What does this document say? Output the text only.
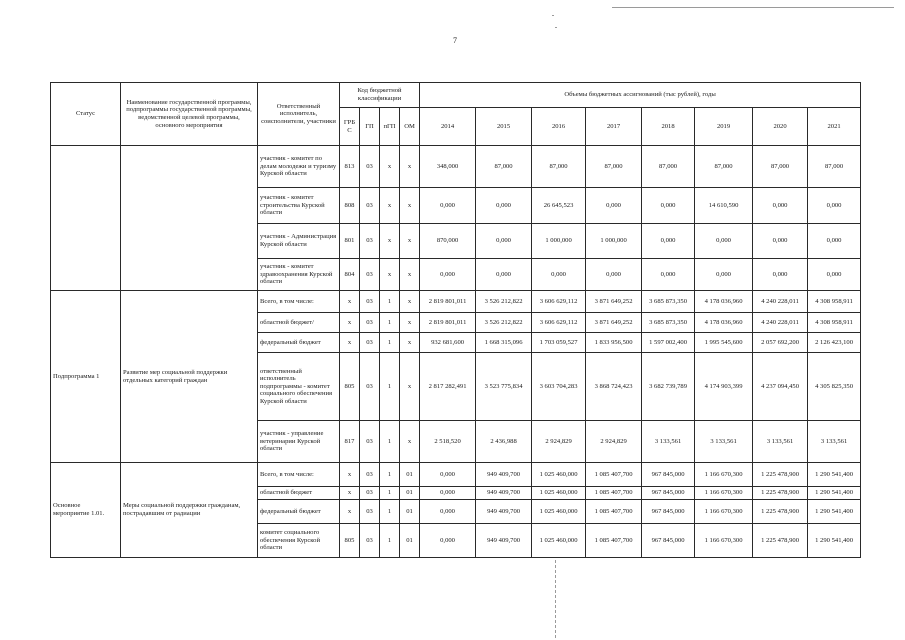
7
Статус	Наименование государственной программы, подпрограммы государственной программы, ведомственной целевой программы, основного мероприятия	Ответственный исполнитель, соисполнители, участники	Код бюджетной классификации				Объемы бюджетных ассигнований (тыс рублей), годы							
			ГРБС	ГП	пГП	ОМ	2014	2015	2016	2017	2018	2019	2020	2021
		участник - комитет по делам молодежи и туризму Курской области	813	03	х	х	348,000	87,000	87,000	87,000	87,000	87,000	87,000	87,000
		участник - комитет строительства Курской области	808	03	х	х	0,000	0,000	26 645,523	0,000	0,000	14 610,590	0,000	0,000
		участник - Администрация Курской области	801	03	х	х	870,000	0,000	1 000,000	1 000,000	0,000	0,000	0,000	0,000
		участник - комитет здравоохранения Курской области	804	03	х	х	0,000	0,000	0,000	0,000	0,000	0,000	0,000	0,000
Подпрограмма 1	Развитие мер социальной поддержки отдельных категорий граждан	Всего, в том числе:	х	03	1	х	2 819 801,011	3 526 212,822	3 606 629,112	3 871 649,252	3 685 873,350	4 178 036,960	4 240 228,011	4 308 958,911
		областной бюджет/	х	03	1	х	2 819 801,011	3 526 212,822	3 606 629,112	3 871 649,252	3 685 873,350	4 178 036,960	4 240 228,011	4 308 958,911
		федеральный бюджет	х	03	1	х	932 681,600	1 668 315,096	1 703 059,527	1 833 956,500	1 597 002,400	1 995 545,600	2 057 692,200	2 126 423,100
		ответственный исполнитель подпрограммы - комитет социального обеспечения Курской области	805	03	1	х	2 817 282,491	3 523 775,834	3 603 704,283	3 868 724,423	3 682 739,789	4 174 903,399	4 237 094,450	4 305 825,350
		участник - управление ветеринарии Курской области	817	03	1	х	2 518,520	2 436,988	2 924,829	2 924,829	3 133,561	3 133,561	3 133,561	3 133,561
Основное мероприятие 1.01.	Меры социальной поддержки гражданам, пострадавшим от радиации	Всего, в том числе:	х	03	1	01	0,000	949 409,700	1 025 460,000	1 085 407,700	967 845,000	1 166 670,300	1 225 478,900	1 290 541,400
		областной бюджет	х	03	1	01	0,000	949 409,700	1 025 460,000	1 085 407,700	967 845,000	1 166 670,300	1 225 478,900	1 290 541,400
		федеральный бюджет	х	03	1	01	0,000	949 409,700	1 025 460,000	1 085 407,700	967 845,000	1 166 670,300	1 225 478,900	1 290 541,400
		комитет социального обеспечения Курской области	805	03	1	01	0,000	949 409,700	1 025 460,000	1 085 407,700	967 845,000	1 166 670,300	1 225 478,900	1 290 541,400
